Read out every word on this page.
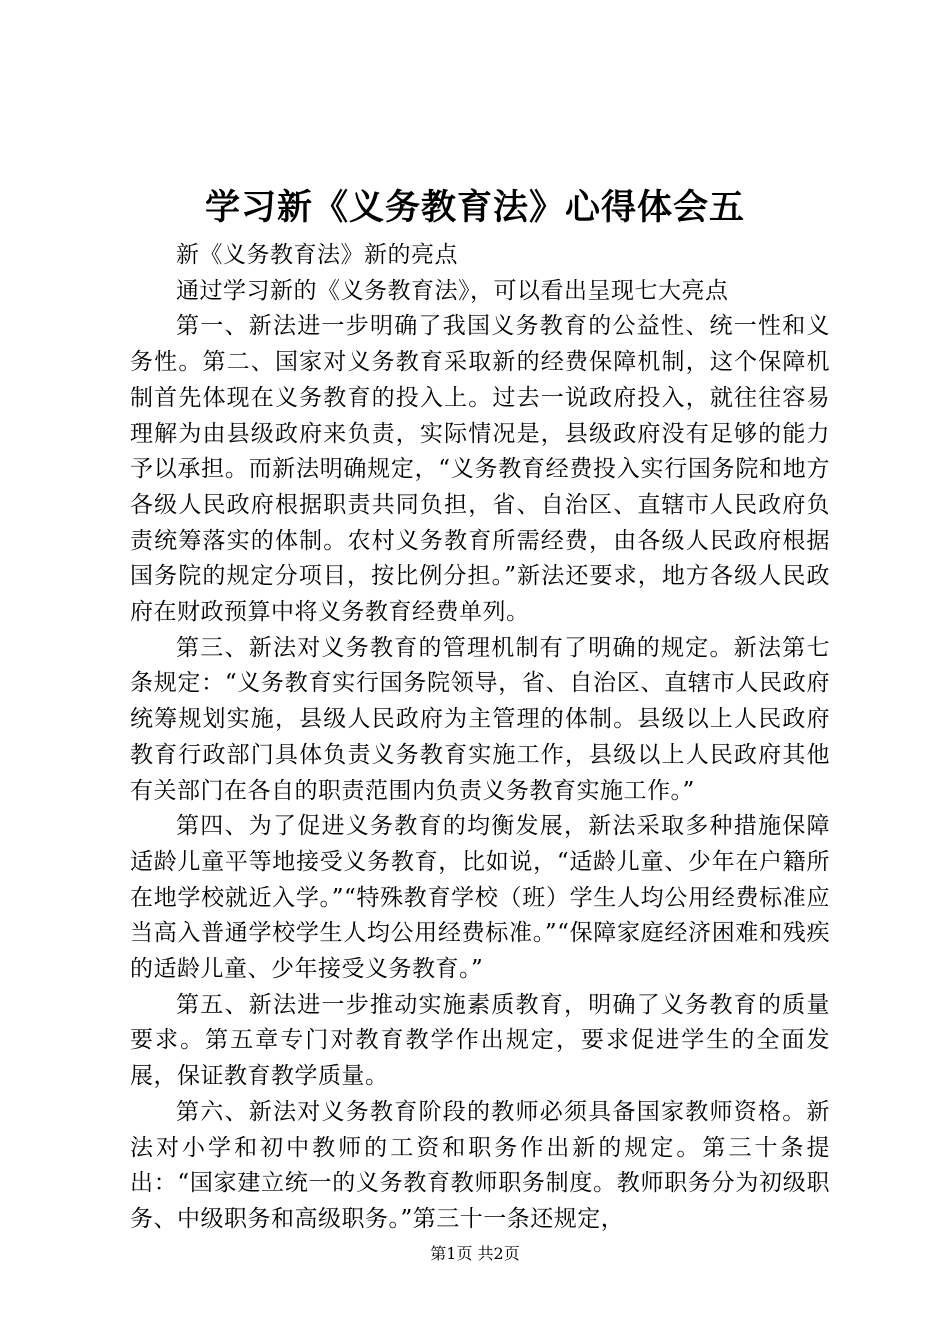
学习新《义务教育法》心得体会五

新《义务教育法》新的亮点

通过学习新的《义务教育法》，可以看出呈现七大亮点

第一、新法进一步明确了我国义务教育的公益性、统一性和义务性。第二、国家对义务教育采取新的经费保障机制，这个保障机制首先体现在义务教育的投入上。过去一说政府投入，就往往容易理解为由县级政府来负责，实际情况是，县级政府没有足够的能力予以承担。而新法明确规定，“义务教育经费投入实行国务院和地方各级人民政府根据职责共同负担，省、自治区、直辖市人民政府负责统筹落实的体制。农村义务教育所需经费，由各级人民政府根据国务院的规定分项目，按比例分担。”新法还要求，地方各级人民政府在财政预算中将义务教育经费单列。

第三、新法对义务教育的管理机制有了明确的规定。新法第七条规定：“义务教育实行国务院领导，省、自治区、直辖市人民政府统筹规划实施，县级人民政府为主管理的体制。县级以上人民政府教育行政部门具体负责义务教育实施工作，县级以上人民政府其他有关部门在各自的职责范围内负责义务教育实施工作。”

第四、为了促进义务教育的均衡发展，新法采取多种措施保障适龄儿童平等地接受义务教育，比如说，“适龄儿童、少年在户籍所在地学校就近入学。”“特殊教育学校（班）学生人均公用经费标准应当高入普通学校学生人均公用经费标准。”“保障家庭经济困难和残疾的适龄儿童、少年接受义务教育。”

第五、新法进一步推动实施素质教育，明确了义务教育的质量要求。第五章专门对教育教学作出规定，要求促进学生的全面发展，保证教育教学质量。

第六、新法对义务教育阶段的教师必须具备国家教师资格。新法对小学和初中教师的工资和职务作出新的规定。第三十条提出：“国家建立统一的义务教育教师职务制度。教师职务分为初级职务、中级职务和高级职务。”第三十一条还规定，

第1页 共2页
